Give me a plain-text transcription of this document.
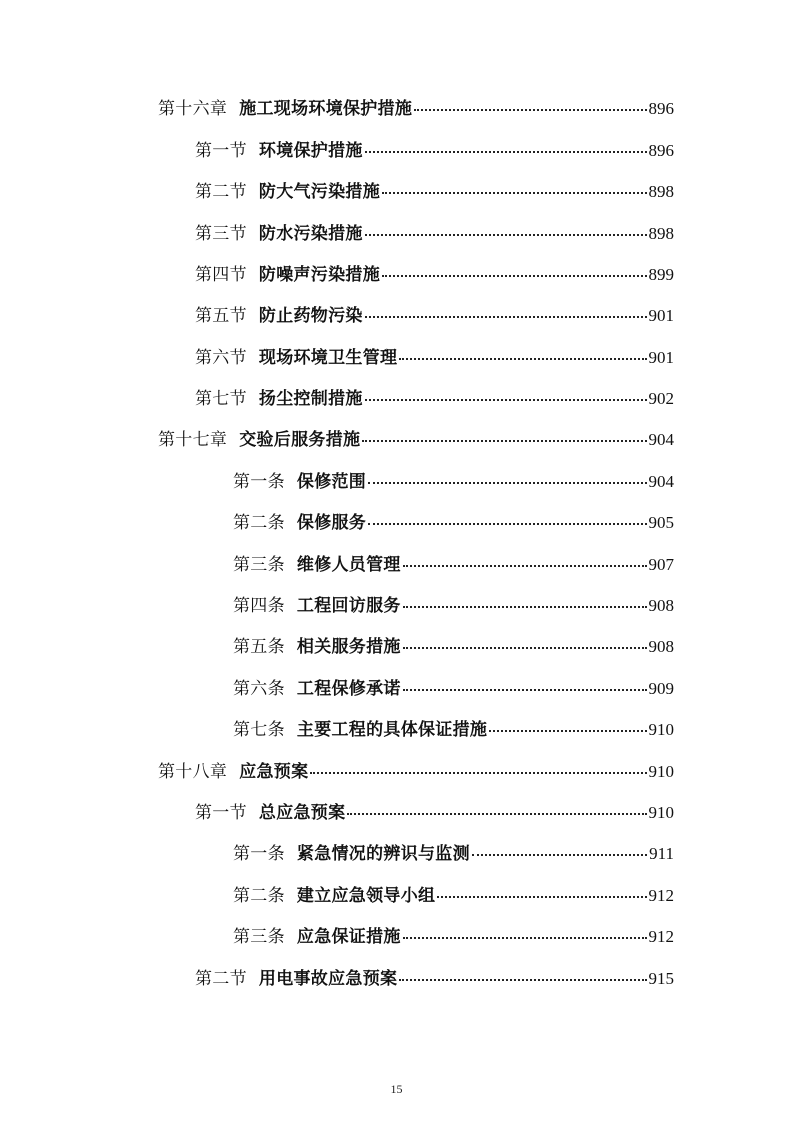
第十六章 施工现场环境保护措施	896
第一节 环境保护措施	896
第二节 防大气污染措施	898
第三节 防水污染措施	898
第四节 防噪声污染措施	899
第五节 防止药物污染	901
第六节 现场环境卫生管理	901
第七节 扬尘控制措施	902
第十七章 交验后服务措施	904
第一条 保修范围	904
第二条 保修服务	905
第三条 维修人员管理	907
第四条 工程回访服务	908
第五条 相关服务措施	908
第六条 工程保修承诺	909
第七条 主要工程的具体保证措施	910
第十八章 应急预案	910
第一节 总应急预案	910
第一条 紧急情况的辨识与监测	911
第二条 建立应急领导小组	912
第三条 应急保证措施	912
第二节 用电事故应急预案	915
15
